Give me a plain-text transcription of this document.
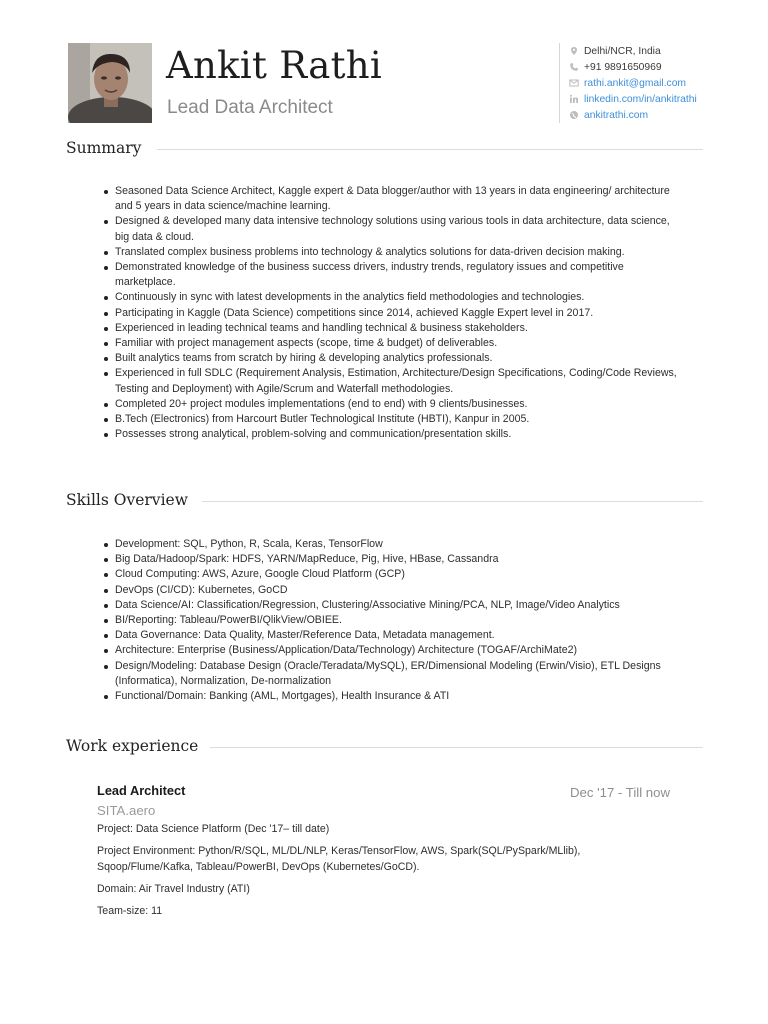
Ankit Rathi
Lead Data Architect
Delhi/NCR, India
+91 9891650969
rathi.ankit@gmail.com
linkedin.com/in/ankitrathi
ankitrathi.com
Summary
Seasoned Data Science Architect, Kaggle expert & Data blogger/author with 13 years in data engineering/ architecture and 5 years in data science/machine learning.
Designed & developed many data intensive technology solutions using various tools in data architecture, data science, big data & cloud.
Translated complex business problems into technology & analytics solutions for data-driven decision making.
Demonstrated knowledge of the business success drivers, industry trends, regulatory issues and competitive marketplace.
Continuously in sync with latest developments in the analytics field methodologies and technologies.
Participating in Kaggle (Data Science) competitions since 2014, achieved Kaggle Expert level in 2017.
Experienced in leading technical teams and handling technical & business stakeholders.
Familiar with project management aspects (scope, time & budget) of deliverables.
Built analytics teams from scratch by hiring & developing analytics professionals.
Experienced in full SDLC (Requirement Analysis, Estimation, Architecture/Design Specifications, Coding/Code Reviews, Testing and Deployment) with Agile/Scrum and Waterfall methodologies.
Completed 20+ project modules implementations (end to end) with 9 clients/businesses.
B.Tech (Electronics) from Harcourt Butler Technological Institute (HBTI), Kanpur in 2005.
Possesses strong analytical, problem-solving and communication/presentation skills.
Skills Overview
Development: SQL, Python, R, Scala, Keras, TensorFlow
Big Data/Hadoop/Spark: HDFS, YARN/MapReduce, Pig, Hive, HBase, Cassandra
Cloud Computing: AWS, Azure, Google Cloud Platform (GCP)
DevOps (CI/CD): Kubernetes, GoCD
Data Science/AI: Classification/Regression, Clustering/Associative Mining/PCA, NLP, Image/Video Analytics
BI/Reporting: Tableau/PowerBI/QlikView/OBIEE.
Data Governance: Data Quality, Master/Reference Data, Metadata management.
Architecture: Enterprise (Business/Application/Data/Technology) Architecture (TOGAF/ArchiMate2)
Design/Modeling: Database Design (Oracle/Teradata/MySQL), ER/Dimensional Modeling (Erwin/Visio), ETL Designs (Informatica), Normalization, De-normalization
Functional/Domain: Banking (AML, Mortgages), Health Insurance & ATI
Work experience
Lead Architect	Dec '17 - Till now
SITA.aero
Project: Data Science Platform (Dec '17– till date)
Project Environment: Python/R/SQL, ML/DL/NLP, Keras/TensorFlow, AWS, Spark(SQL/PySpark/MLlib), Sqoop/Flume/Kafka, Tableau/PowerBI, DevOps (Kubernetes/GoCD).
Domain: Air Travel Industry (ATI)
Team-size: 11
